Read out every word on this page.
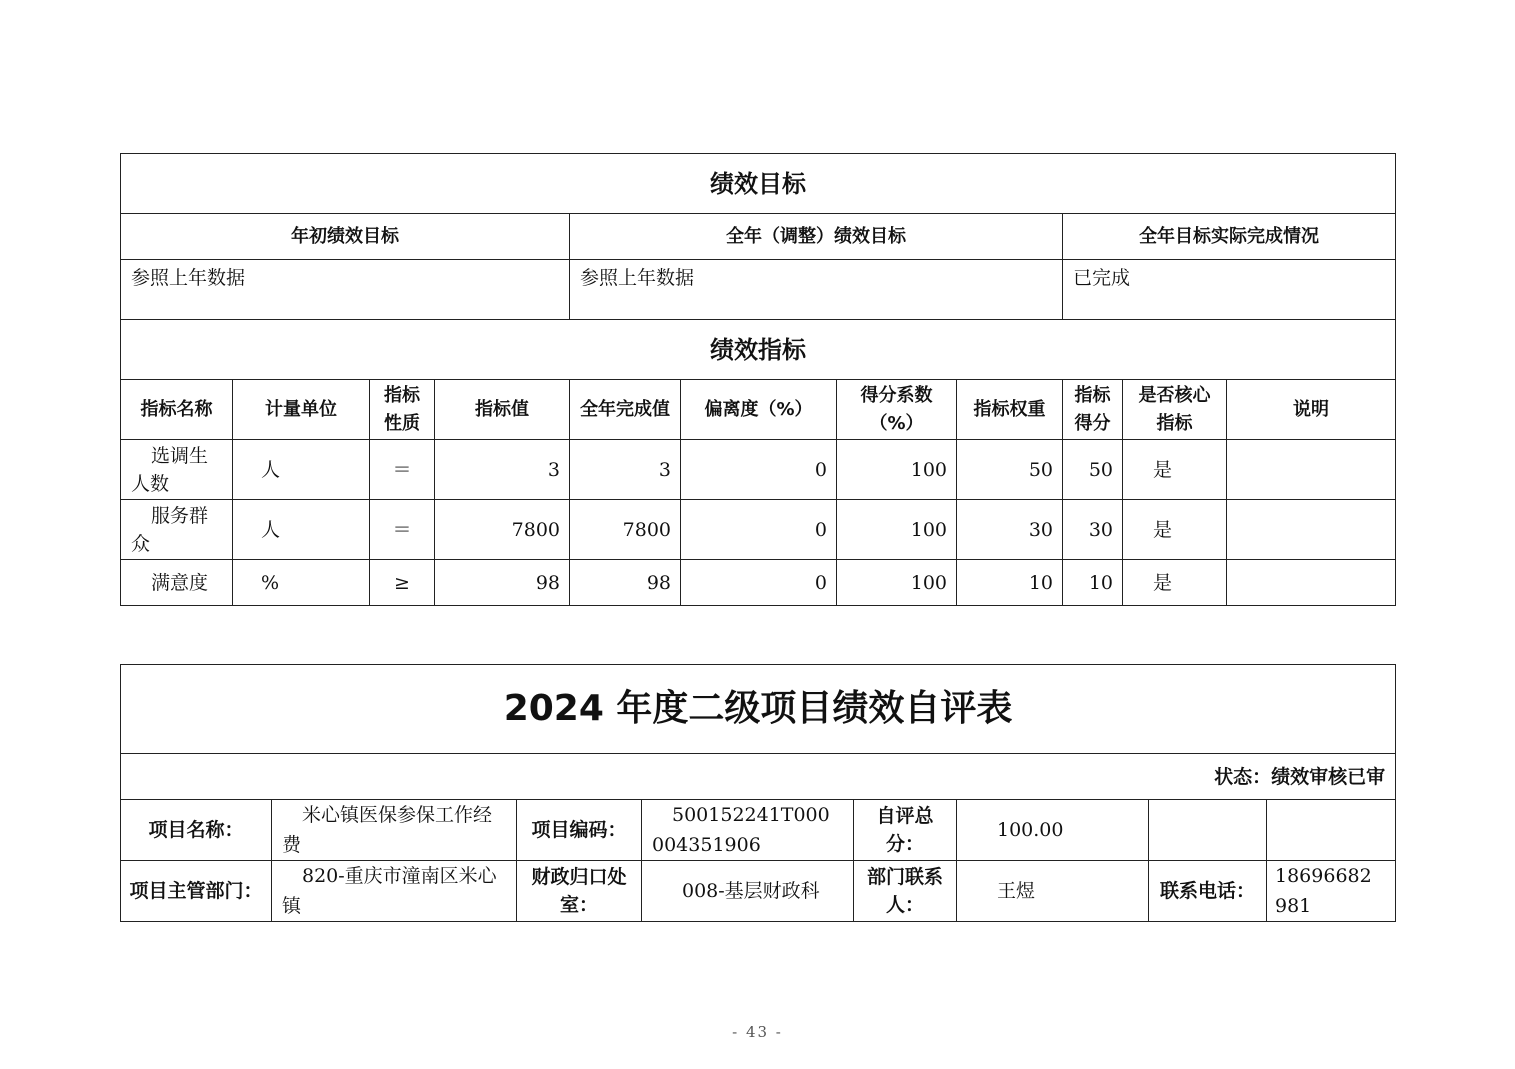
绩效目标										
年初绩效目标				全年（调整）绩效目标				全年目标实际完成情况		
参照上年数据				参照上年数据				已完成		
绩效指标										
指标名称	计量单位	指标性质	指标值	全年完成值	偏离度（%）	得分系数（%）	指标权重	指标得分	是否核心指标	说明
选调生人数	人	＝	3	3	0	100	50	50	是	
服务群众	人	＝	7800	7800	0	100	30	30	是	
满意度	%	≥	98	98	0	100	10	10	是	
2024 年度二级项目绩效自评表							
状态：绩效审核已审							
项目名称：	米心镇医保参保工作经费	项目编码：	500152241T000004351906	自评总分：	100.00		
项目主管部门：	820-重庆市潼南区米心镇	财政归口处室：	008-基层财政科	部门联系人：	王煜	联系电话：	18696682981
- 43 -
